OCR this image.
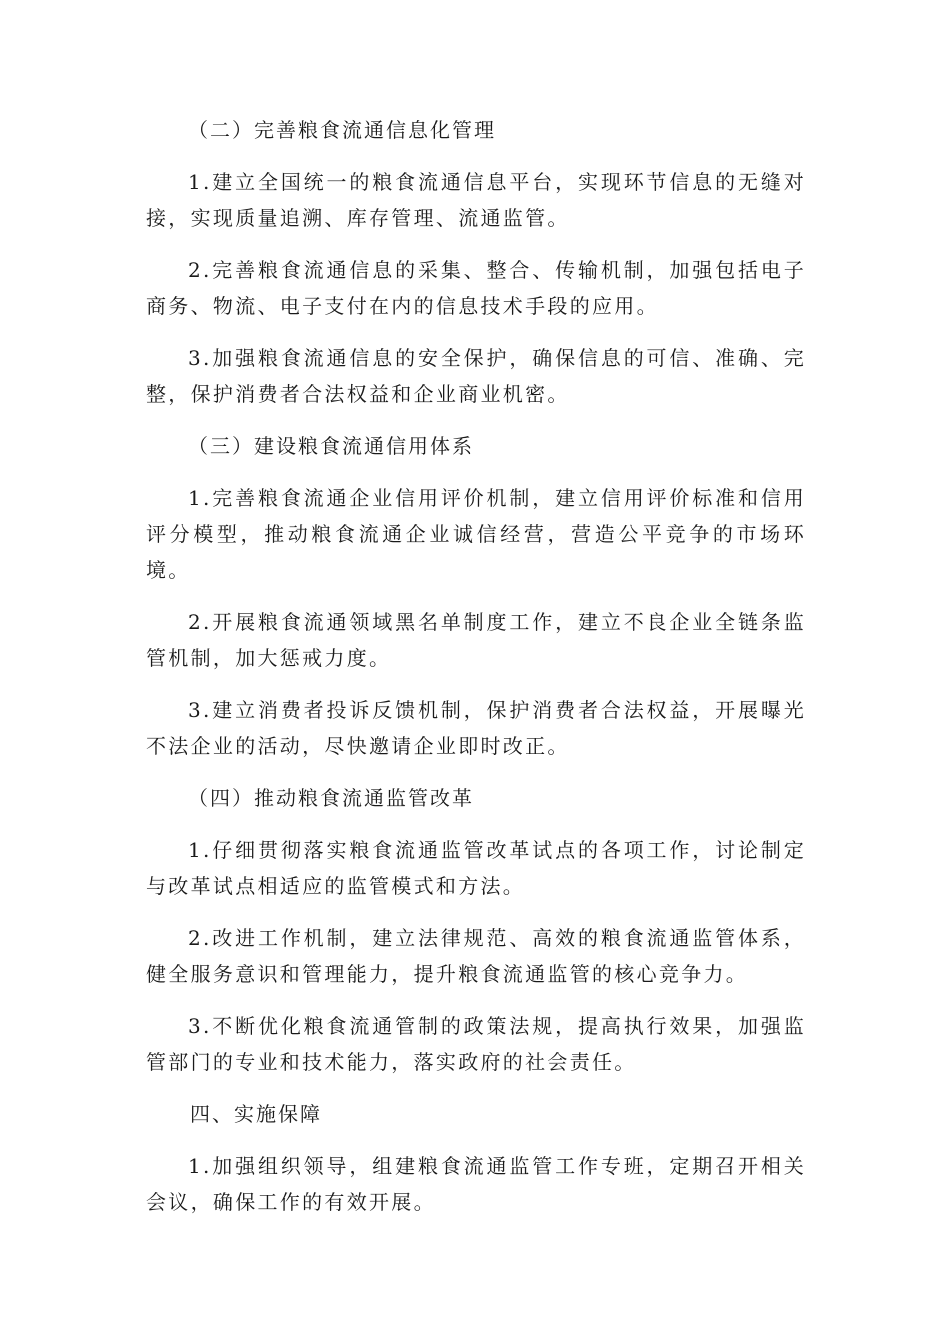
（二）完善粮食流通信息化管理

1.建立全国统一的粮食流通信息平台，实现环节信息的无缝对接，实现质量追溯、库存管理、流通监管。

2.完善粮食流通信息的采集、整合、传输机制，加强包括电子商务、物流、电子支付在内的信息技术手段的应用。

3.加强粮食流通信息的安全保护，确保信息的可信、准确、完整，保护消费者合法权益和企业商业机密。

（三）建设粮食流通信用体系

1.完善粮食流通企业信用评价机制，建立信用评价标准和信用评分模型，推动粮食流通企业诚信经营，营造公平竞争的市场环境。

2.开展粮食流通领域黑名单制度工作，建立不良企业全链条监管机制，加大惩戒力度。

3.建立消费者投诉反馈机制，保护消费者合法权益，开展曝光不法企业的活动，尽快邀请企业即时改正。

（四）推动粮食流通监管改革

1.仔细贯彻落实粮食流通监管改革试点的各项工作，讨论制定与改革试点相适应的监管模式和方法。

2.改进工作机制，建立法律规范、高效的粮食流通监管体系，健全服务意识和管理能力，提升粮食流通监管的核心竞争力。

3.不断优化粮食流通管制的政策法规，提高执行效果，加强监管部门的专业和技术能力，落实政府的社会责任。

四、实施保障

1.加强组织领导，组建粮食流通监管工作专班，定期召开相关会议，确保工作的有效开展。
